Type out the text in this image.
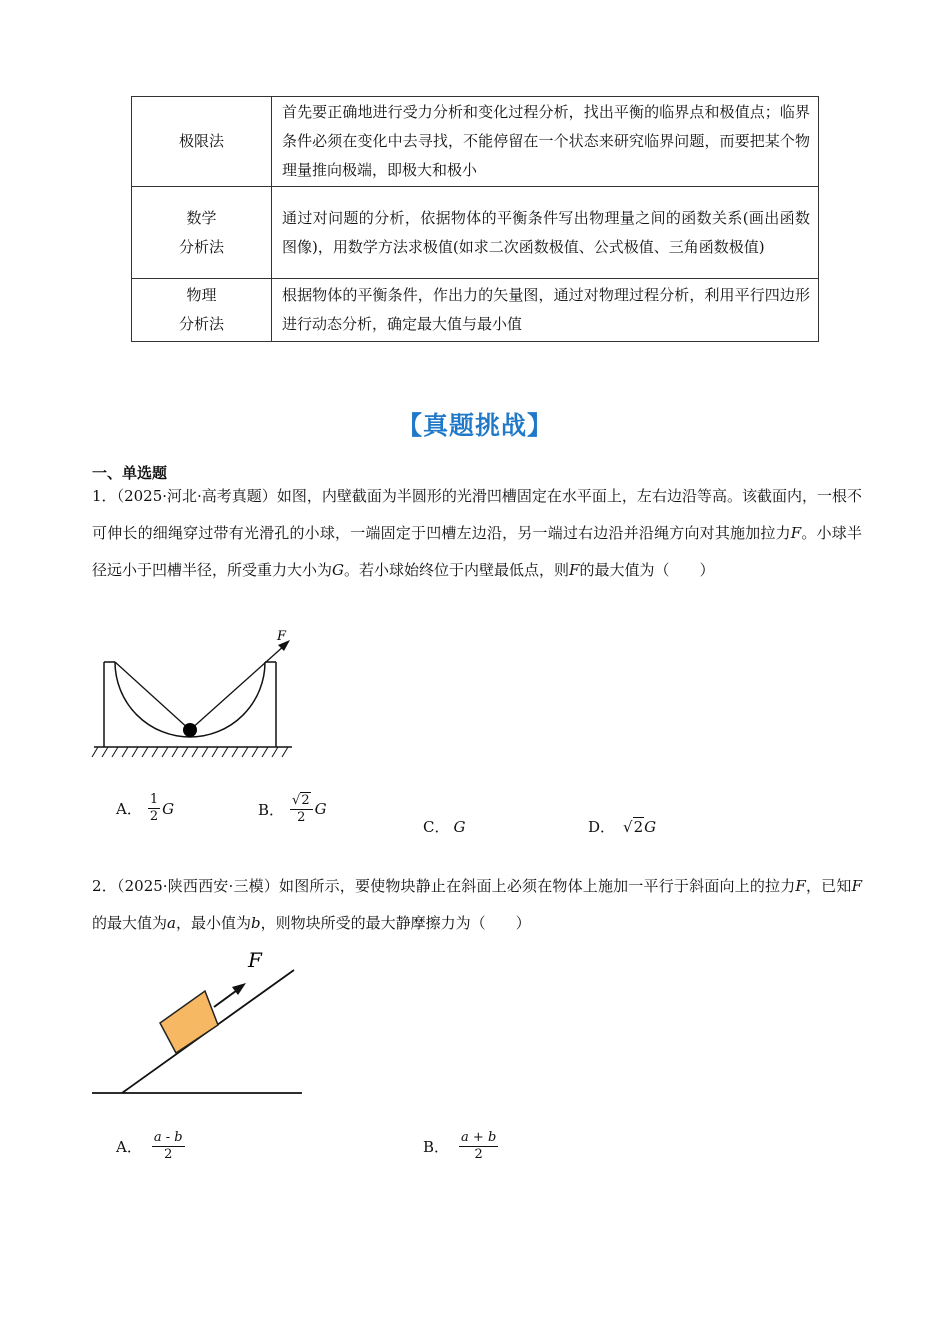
极限法	首先要正确地进行受力分析和变化过程分析，找出平衡的临界点和极值点；临界条件必须在变化中去寻找，不能停留在一个状态来研究临界问题，而要把某个物理量推向极端，即极大和极小
数学
分析法	通过对问题的分析，依据物体的平衡条件写出物理量之间的函数关系(画出函数图像)，用数学方法求极值(如求二次函数极值、公式极值、三角函数极值)
物理
分析法	根据物体的平衡条件，作出力的矢量图，通过对物理过程分析，利用平行四边形进行动态分析，确定最大值与最小值
【真题挑战】
一、单选题
1．（2025·河北·高考真题）如图，内壁截面为半圆形的光滑凹槽固定在水平面上，左右边沿等高。该截面内，一根不可伸长的细绳穿过带有光滑孔的小球，一端固定于凹槽左边沿，另一端过右边沿并沿绳方向对其施加拉力F。小球半径远小于凹槽半径，所受重力大小为G。若小球始终位于内壁最低点，则F的最大值为（　　）
F
A． $\frac{1}{2}$ G	B． $\frac{√ 2}{2}$ G
C． G	D． √ 2 G
2．（2025·陕西西安·三模）如图所示，要使物块静止在斜面上必须在物体上施加一平行于斜面向上的拉力F，已知F的最大值为a，最小值为b，则物块所受的最大静摩擦力为（　　）
F
A． $\frac{a - b}{2}$	B． $\frac{a + b}{2}$
